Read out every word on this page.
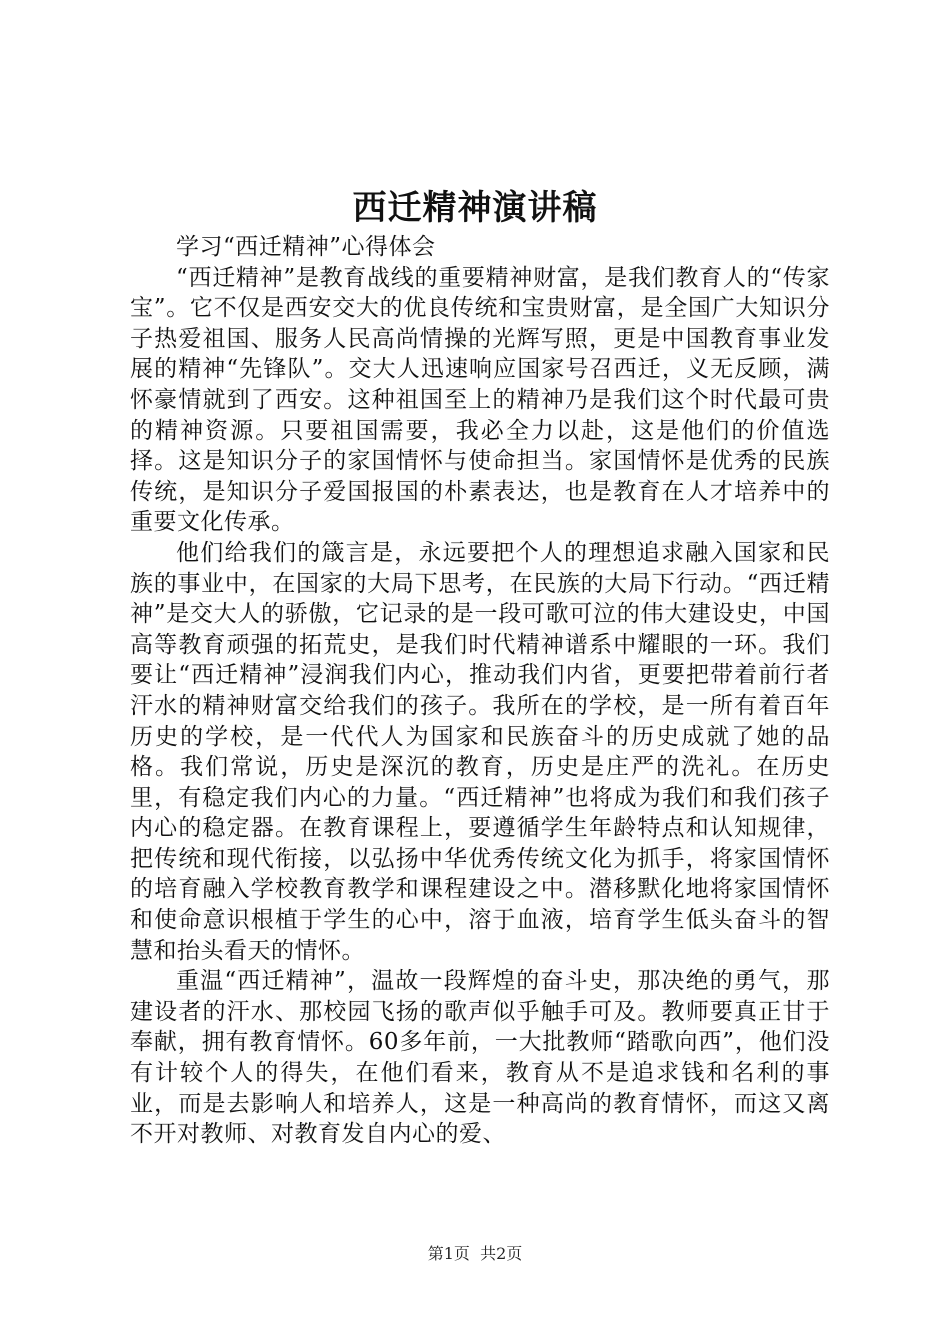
西迁精神演讲稿
学习“西迁精神”心得体会

“西迁精神”是教育战线的重要精神财富，是我们教育人的“传家宝”。它不仅是西安交大的优良传统和宝贵财富，是全国广大知识分子热爱祖国、服务人民高尚情操的光辉写照，更是中国教育事业发展的精神“先锋队”。交大人迅速响应国家号召西迁，义无反顾，满怀豪情就到了西安。这种祖国至上的精神乃是我们这个时代最可贵的精神资源。只要祖国需要，我必全力以赴，这是他们的价值选择。这是知识分子的家国情怀与使命担当。家国情怀是优秀的民族传统，是知识分子爱国报国的朴素表达，也是教育在人才培养中的重要文化传承。

他们给我们的箴言是，永远要把个人的理想追求融入国家和民族的事业中，在国家的大局下思考，在民族的大局下行动。“西迁精神”是交大人的骄傲，它记录的是一段可歌可泣的伟大建设史，中国高等教育顽强的拓荒史，是我们时代精神谱系中耀眼的一环。我们要让“西迁精神”浸润我们内心，推动我们内省，更要把带着前行者汗水的精神财富交给我们的孩子。我所在的学校，是一所有着百年历史的学校，是一代代人为国家和民族奋斗的历史成就了她的品格。我们常说，历史是深沉的教育，历史是庄严的洗礼。在历史里，有稳定我们内心的力量。“西迁精神”也将成为我们和我们孩子内心的稳定器。在教育课程上，要遵循学生年龄特点和认知规律，把传统和现代衔接，以弘扬中华优秀传统文化为抓手，将家国情怀的培育融入学校教育教学和课程建设之中。潜移默化地将家国情怀和使命意识根植于学生的心中，溶于血液，培育学生低头奋斗的智慧和抬头看天的情怀。

重温“西迁精神”，温故一段辉煌的奋斗史，那决绝的勇气，那建设者的汗水、那校园飞扬的歌声似乎触手可及。教师要真正甘于奉献，拥有教育情怀。60多年前，一大批教师“踏歌向西”，他们没有计较个人的得失，在他们看来，教育从不是追求钱和名利的事业，而是去影响人和培养人，这是一种高尚的教育情怀，而这又离不开对教师、对教育发自内心的爱、

第1页  共2页
